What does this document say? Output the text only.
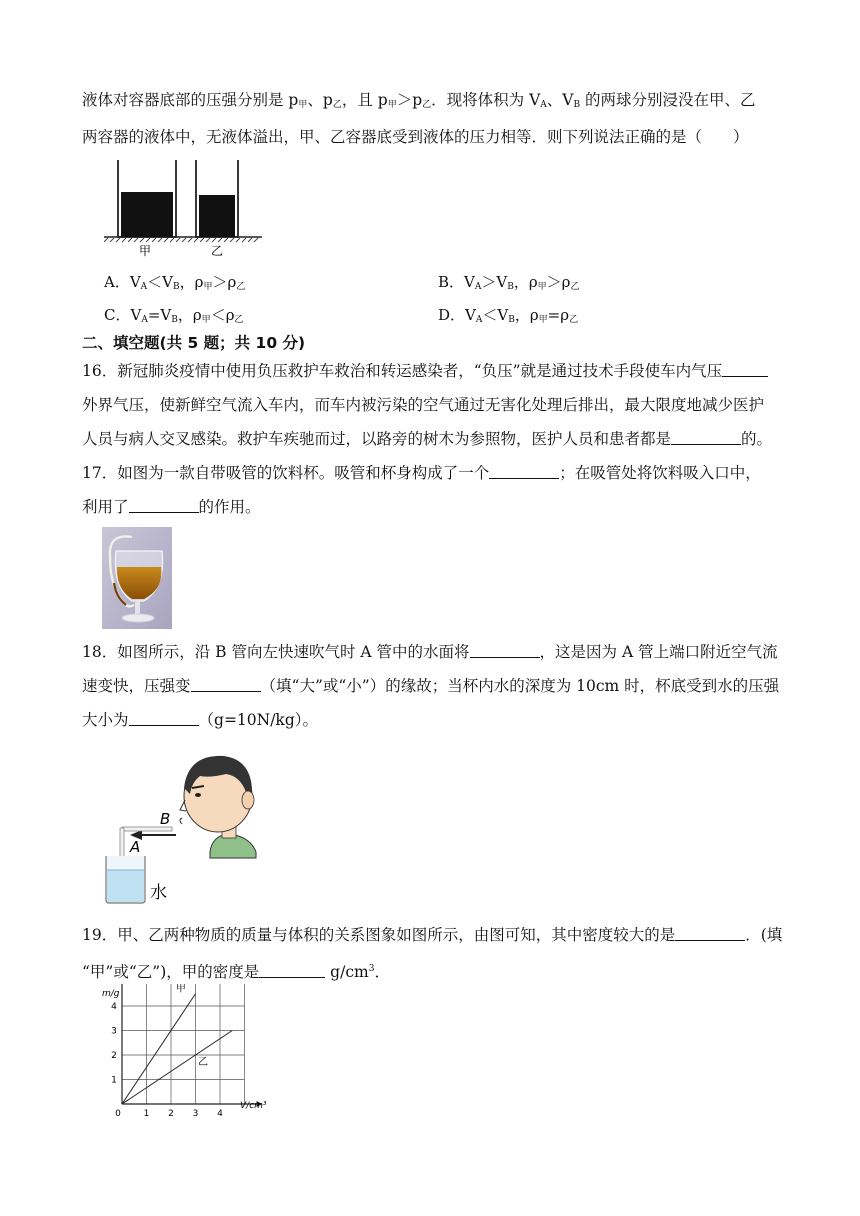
液体对容器底部的压强分别是 $p_甲$、$p_乙$，且 $p_甲>p_乙$．现将体积为 $V_A$、$V_B$ 的两球分别浸没在甲、乙
两容器的液体中，无液体溢出，甲、乙容器底受到液体的压力相等．则下列说法正确的是（　　）
甲	乙
A．$V_A<V_B$，$\rho_甲>\rho_乙$	B．$V_A>V_B$，$\rho_甲>\rho_乙$
C．$V_A=V_B$，$\rho_甲<\rho_乙$	D．$V_A<V_B$，$\rho_甲=\rho_乙$
二、填空题(共 5 题；共 10 分)
16．新冠肺炎疫情中使用负压救护车救治和转运感染者，“负压”就是通过技术手段使车内气压
外界气压，使新鲜空气流入车内，而车内被污染的空气通过无害化处理后排出，最大限度地减少医护
人员与病人交叉感染。救护车疾驰而过，以路旁的树木为参照物，医护人员和患者都是	的。
17．如图为一款自带吸管的饮料杯。吸管和杯身构成了一个	；在吸管处将饮料吸入口中，
利用了	的作用。
18．如图所示，沿 B 管向左快速吹气时 A 管中的水面将	，这是因为 A 管上端口附近空气流
速变快，压强变	（填“大”或“小”）的缘故；当杯内水的深度为 10cm 时，杯底受到水的压强
大小为	（g=10N/kg）。
B
A
水
19．甲、乙两种物质的质量与体积的关系图象如图所示，由图可知，其中密度较大的是	．(填
“甲”或“乙”)，甲的密度是	$g/cm^3$．
0	1 2 3 4
1
2
3
4
甲
乙
m/g
V/cm³
